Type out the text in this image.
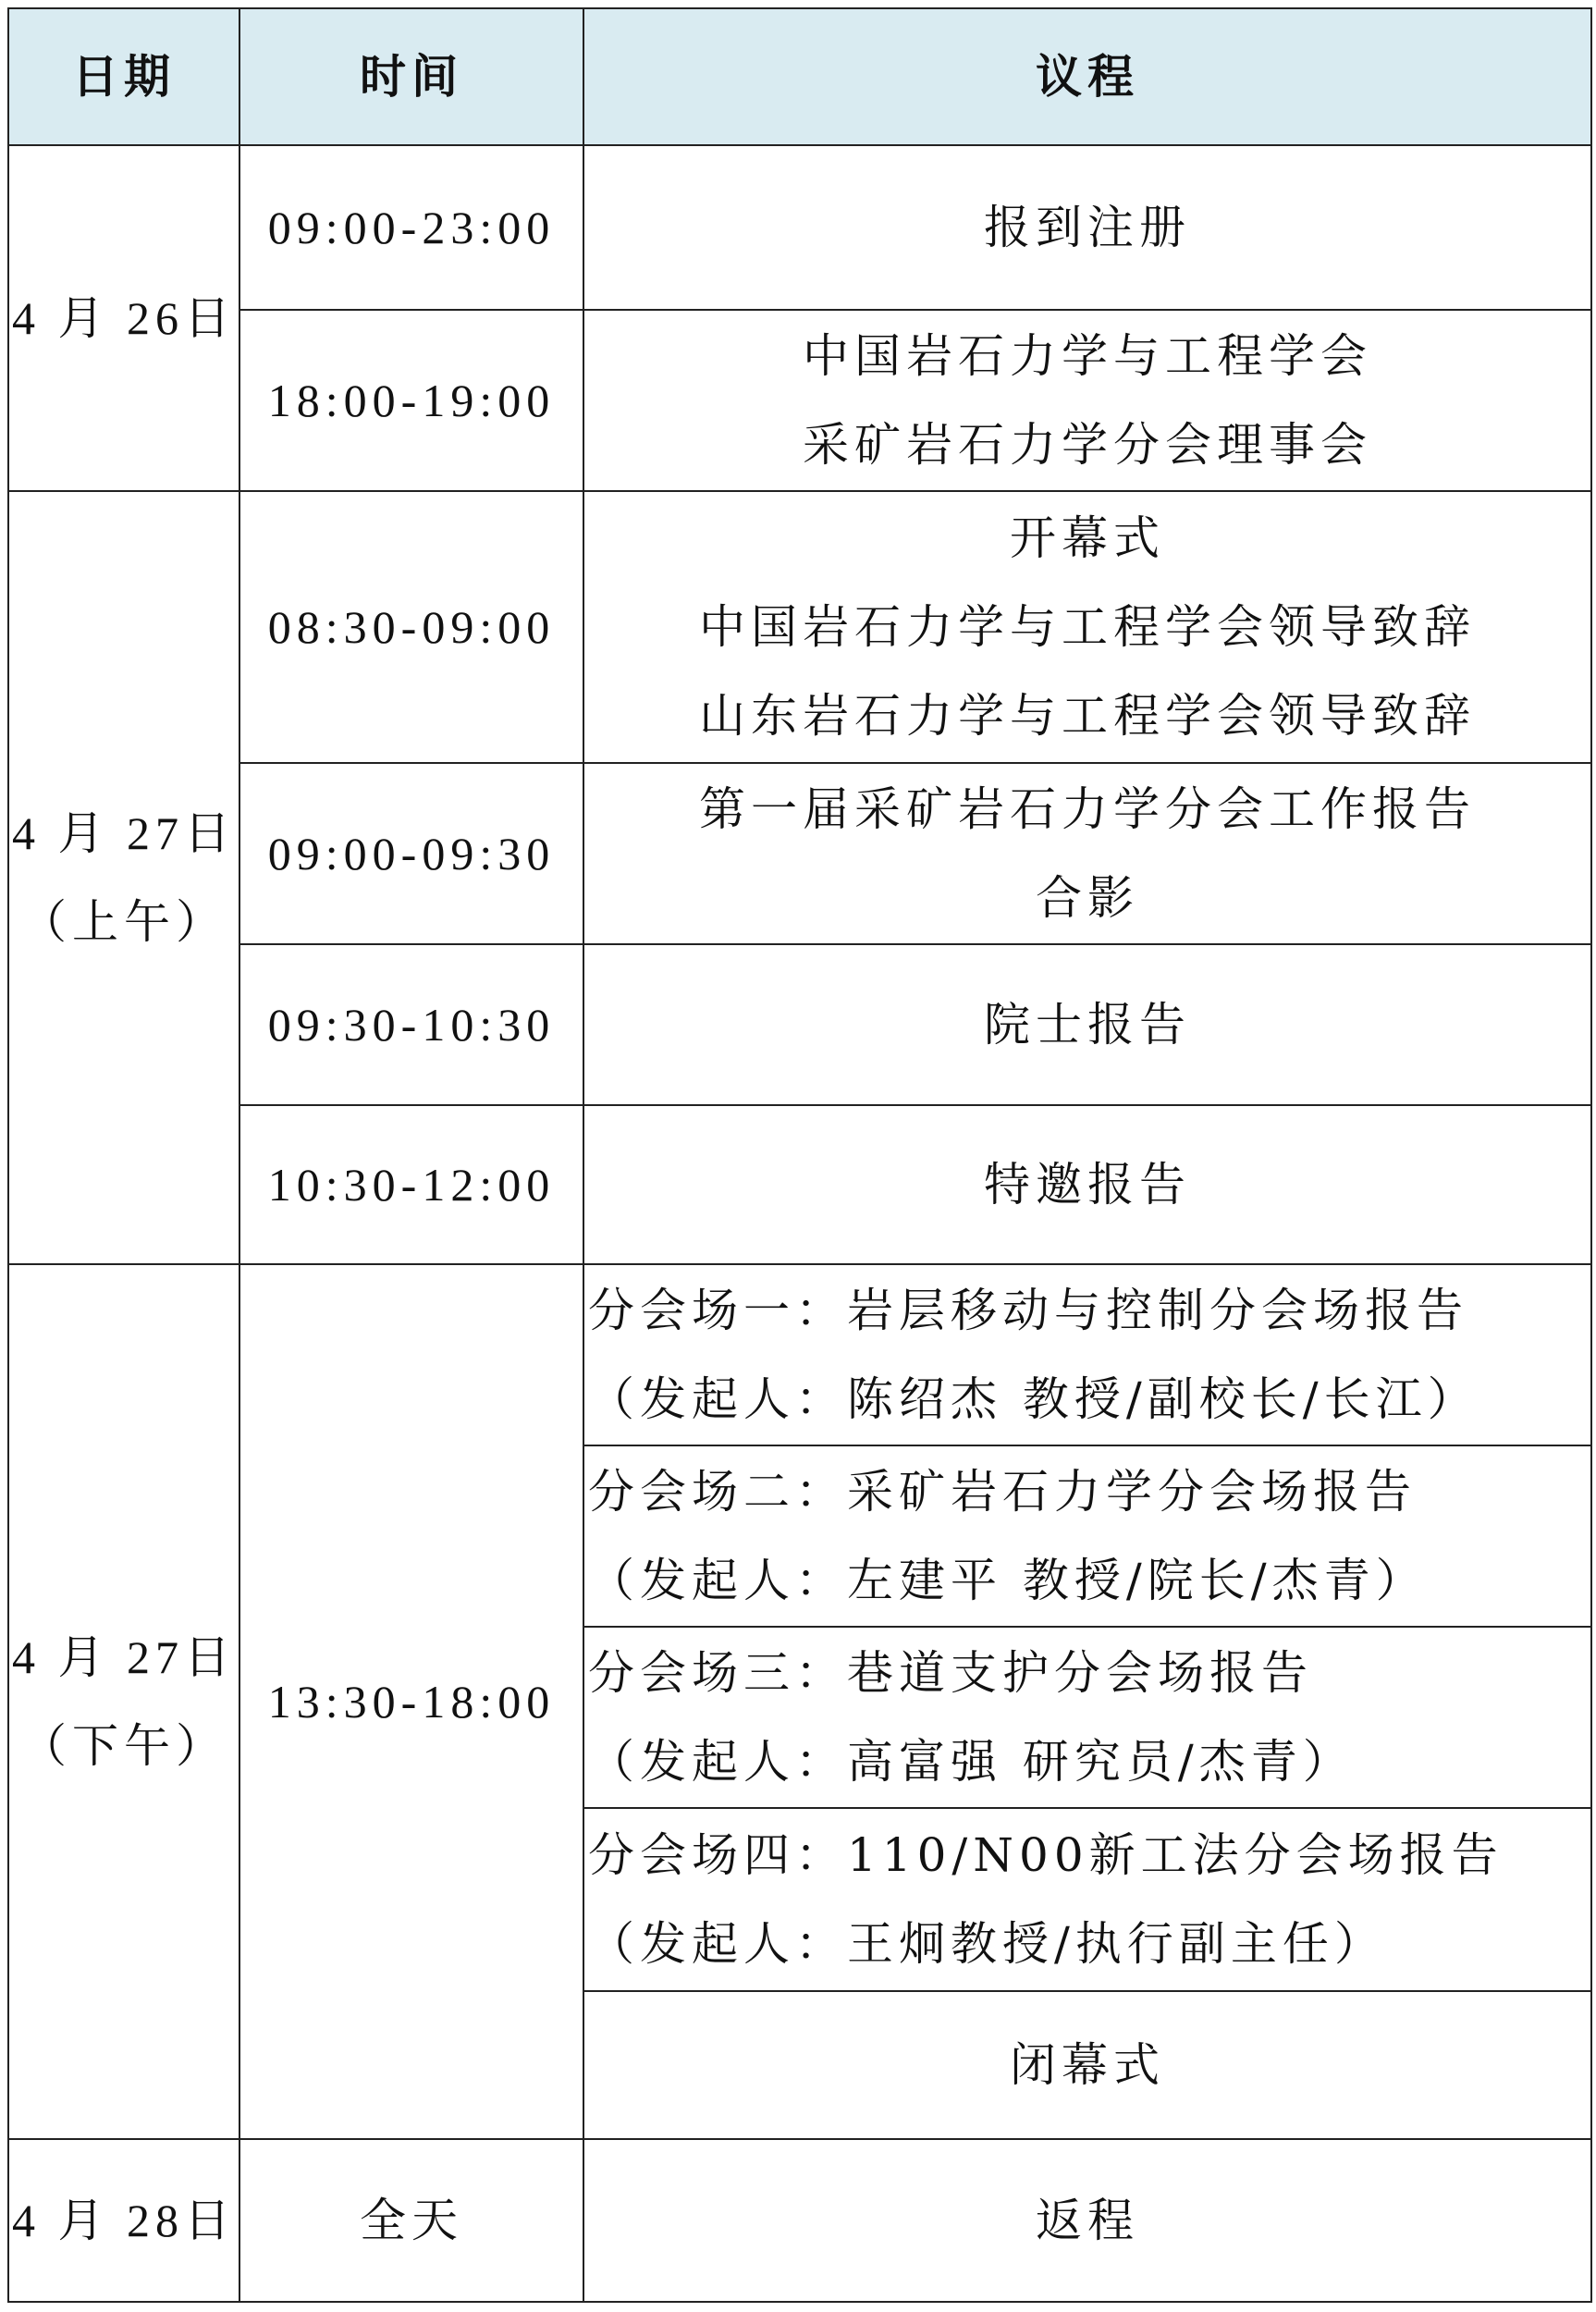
日期	时间	议程

4 月 26日	09:00-23:00	报到注册

	18:00-19:00	中国岩石力学与工程学会
采矿岩石力学分会理事会

4 月 27日
（上午）	08:30-09:00	开幕式
中国岩石力学与工程学会领导致辞
山东岩石力学与工程学会领导致辞

	09:00-09:30	第一届采矿岩石力学分会工作报告
合影

	09:30-10:30	院士报告

	10:30-12:00	特邀报告

4 月 27日
（下午）	13:30-18:00	分会场一：岩层移动与控制分会场报告
（发起人：陈绍杰 教授/副校长/长江）

		分会场二：采矿岩石力学分会场报告
（发起人：左建平 教授/院长/杰青）

		分会场三：巷道支护分会场报告
（发起人：高富强 研究员/杰青）

		分会场四：110/N00新工法分会场报告
（发起人：王炯教授/执行副主任）

		闭幕式

4 月 28日	全天	返程
